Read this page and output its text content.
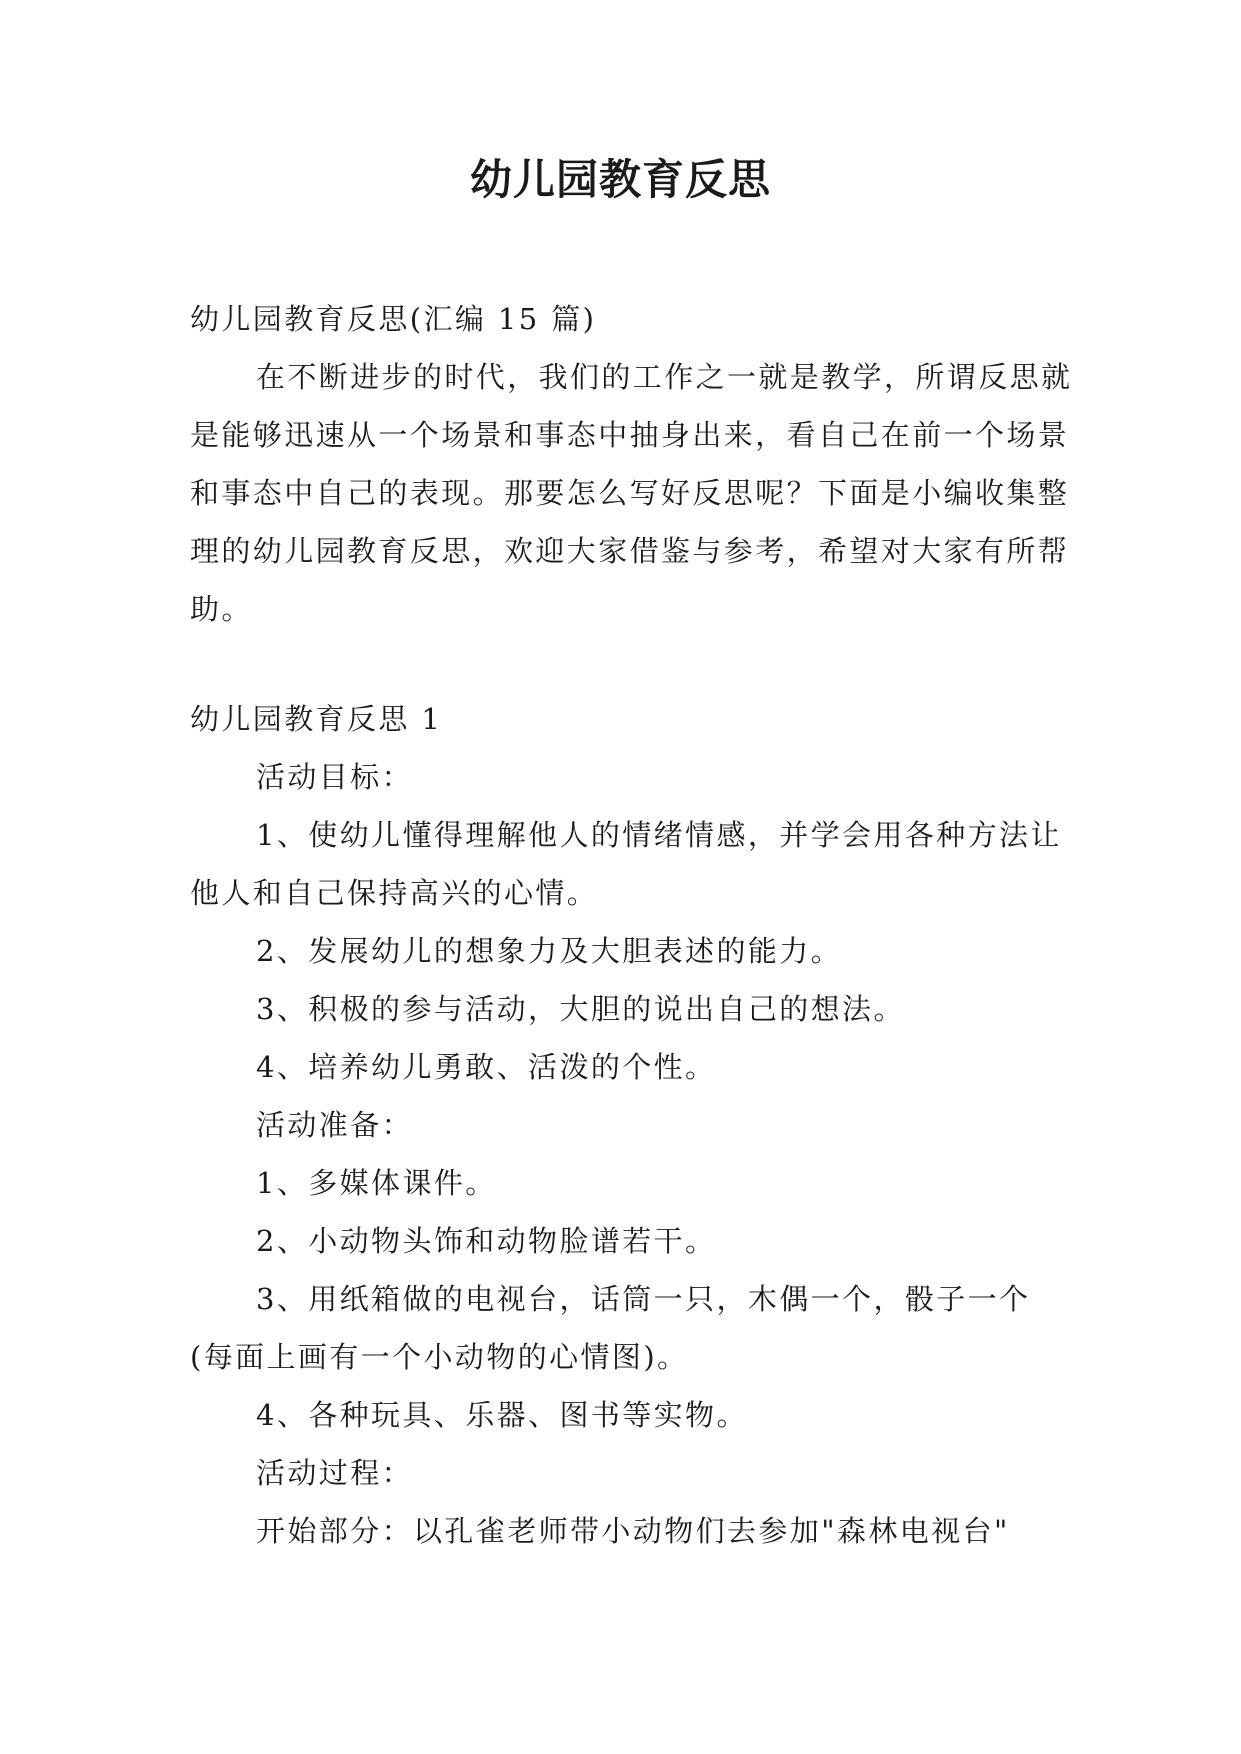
幼儿园教育反思

幼儿园教育反思(汇编 15 篇)

在不断进步的时代，我们的工作之一就是教学，所谓反思就是能够迅速从一个场景和事态中抽身出来，看自己在前一个场景和事态中自己的表现。那要怎么写好反思呢？下面是小编收集整理的幼儿园教育反思，欢迎大家借鉴与参考，希望对大家有所帮助。

幼儿园教育反思 1

活动目标：

1、使幼儿懂得理解他人的情绪情感，并学会用各种方法让他人和自己保持高兴的心情。

2、发展幼儿的想象力及大胆表述的能力。

3、积极的参与活动，大胆的说出自己的想法。

4、培养幼儿勇敢、活泼的个性。

活动准备：

1、多媒体课件。

2、小动物头饰和动物脸谱若干。

3、用纸箱做的电视台，话筒一只，木偶一个，骰子一个(每面上画有一个小动物的心情图)。

4、各种玩具、乐器、图书等实物。

活动过程：

开始部分：以孔雀老师带小动物们去参加"森林电视台"
